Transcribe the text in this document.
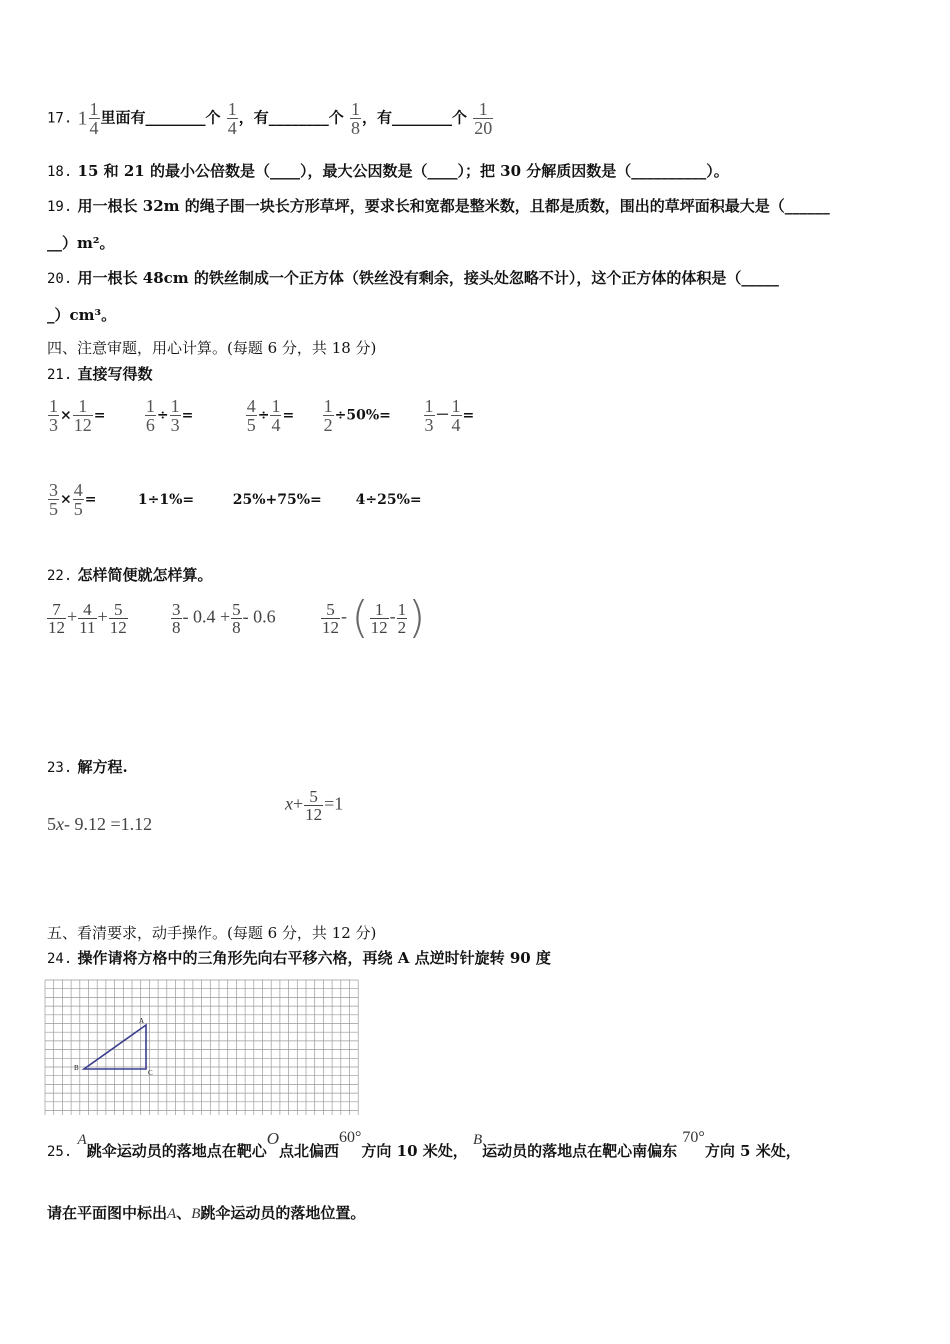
17. $1 \frac{1}{4}$ 里面有________个 $\frac{1}{4}$ ，有________个 $\frac{1}{8}$ ，有________个 $\frac{1}{20}$
18. 15 和 21 的最小公倍数是（____），最大公因数是（____）；把 30 分解质因数是（__________）。
19. 用一根长 32m 的绳子围一块长方形草坪，要求长和宽都是整米数，且都是质数，围出的草坪面积最大是（______
__）m²。
20. 用一根长 48cm 的铁丝制成一个正方体（铁丝没有剩余，接头处忽略不计），这个正方体的体积是（_____
_）cm³。
四、注意审题，用心计算。(每题 6 分，共 18 分)
21. 直接写得数
$\frac{1}{3} \times \frac{1}{12} = \frac{1}{6} \div \frac{1}{3}$ =	$\frac{4}{5} \div \frac{1}{4} = \frac{1}{2} \div 50\%= \frac{1}{3} - \frac{1}{4}$ =
$\frac{3}{5} \times \frac{4}{5}$ =	1÷1%=	25%+75%= 4÷25%=
22. 怎样简便就怎样算。
$\frac{7}{12} + \frac{4}{11} + \frac{5}{12}$	$\frac{3}{8} - 0.4 + \frac{5}{8} - 0.6$	$\frac{5}{12}$ - ( $\frac{1}{12} - \frac{1}{2}$ )
23. 解方程.
5x- 9.12 =1.12
$x+ \frac{5}{12} =1$
五、看清要求，动手操作。(每题 6 分，共 12 分)
24. 操作请将方格中的三角形先向右平移六格，再绕 A 点逆时针旋转 90 度
A
B
C
25. A跳伞运动员的落地点在靶心O点北偏西60°方向 10 米处， B运动员的落地点在靶心南偏东 70°方向 5 米处，
请在平面图中标出A、B跳伞运动员的落地位置。
